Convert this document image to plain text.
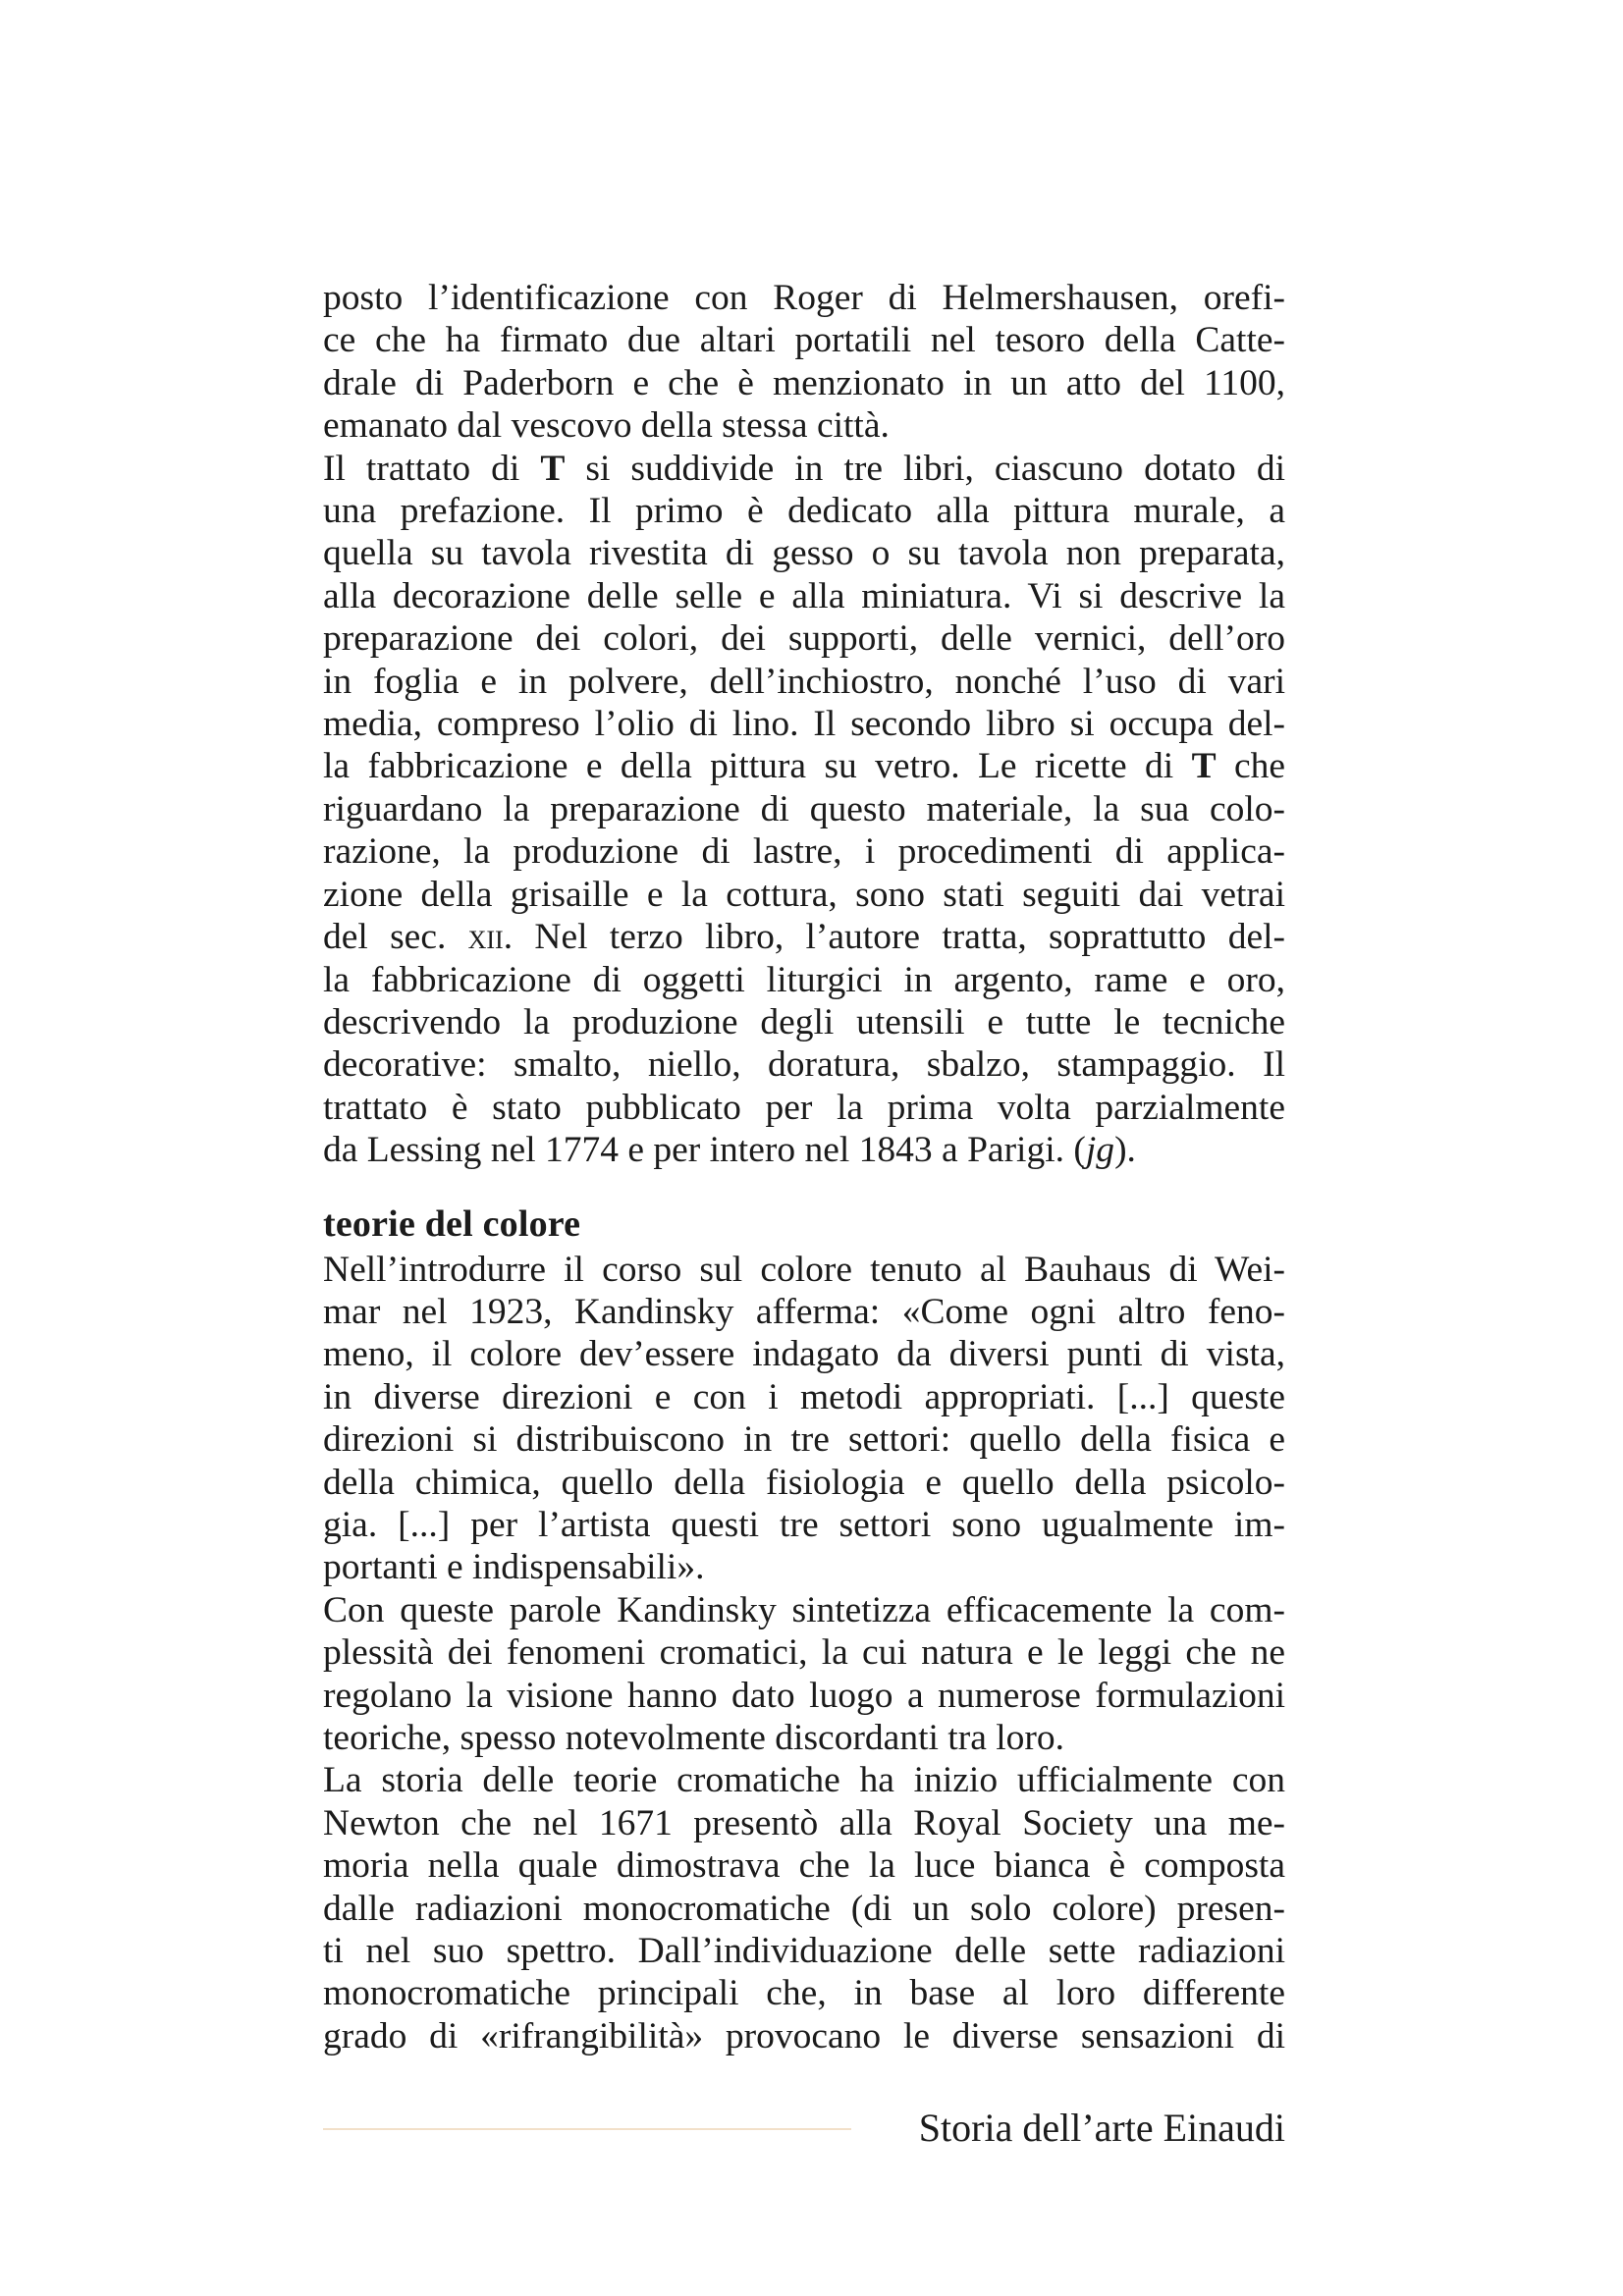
posto l’identificazione con Roger di Helmershausen, orefi-
ce che ha firmato due altari portatili nel tesoro della Catte-
drale di Paderborn e che è menzionato in un atto del 1100,
emanato dal vescovo della stessa città.

Il trattato di T si suddivide in tre libri, ciascuno dotato di
una prefazione. Il primo è dedicato alla pittura murale, a
quella su tavola rivestita di gesso o su tavola non preparata,
alla decorazione delle selle e alla miniatura. Vi si descrive la
preparazione dei colori, dei supporti, delle vernici, dell’oro
in foglia e in polvere, dell’inchiostro, nonché l’uso di vari
media, compreso l’olio di lino. Il secondo libro si occupa del-
la fabbricazione e della pittura su vetro. Le ricette di T che
riguardano la preparazione di questo materiale, la sua colo-
razione, la produzione di lastre, i procedimenti di applica-
zione della grisaille e la cottura, sono stati seguiti dai vetrai
del sec. xii. Nel terzo libro, l’autore tratta, soprattutto del-
la fabbricazione di oggetti liturgici in argento, rame e oro,
descrivendo la produzione degli utensili e tutte le tecniche
decorative: smalto, niello, doratura, sbalzo, stampaggio. Il
trattato è stato pubblicato per la prima volta parzialmente
da Lessing nel 1774 e per intero nel 1843 a Parigi. (jg).

teorie del colore

Nell’introdurre il corso sul colore tenuto al Bauhaus di Wei-
mar nel 1923, Kandinsky afferma: «Come ogni altro feno-
meno, il colore dev’essere indagato da diversi punti di vista,
in diverse direzioni e con i metodi appropriati. [...] queste
direzioni si distribuiscono in tre settori: quello della fisica e
della chimica, quello della fisiologia e quello della psicolo-
gia. [...] per l’artista questi tre settori sono ugualmente im-
portanti e indispensabili».

Con queste parole Kandinsky sintetizza efficacemente la com-
plessità dei fenomeni cromatici, la cui natura e le leggi che ne
regolano la visione hanno dato luogo a numerose formulazioni
teoriche, spesso notevolmente discordanti tra loro.

La storia delle teorie cromatiche ha inizio ufficialmente con
Newton che nel 1671 presentò alla Royal Society una me-
moria nella quale dimostrava che la luce bianca è composta
dalle radiazioni monocromatiche (di un solo colore) presen-
ti nel suo spettro. Dall’individuazione delle sette radiazioni
monocromatiche principali che, in base al loro differente
grado di «rifrangibilità» provocano le diverse sensazioni di

Storia dell’arte Einaudi
